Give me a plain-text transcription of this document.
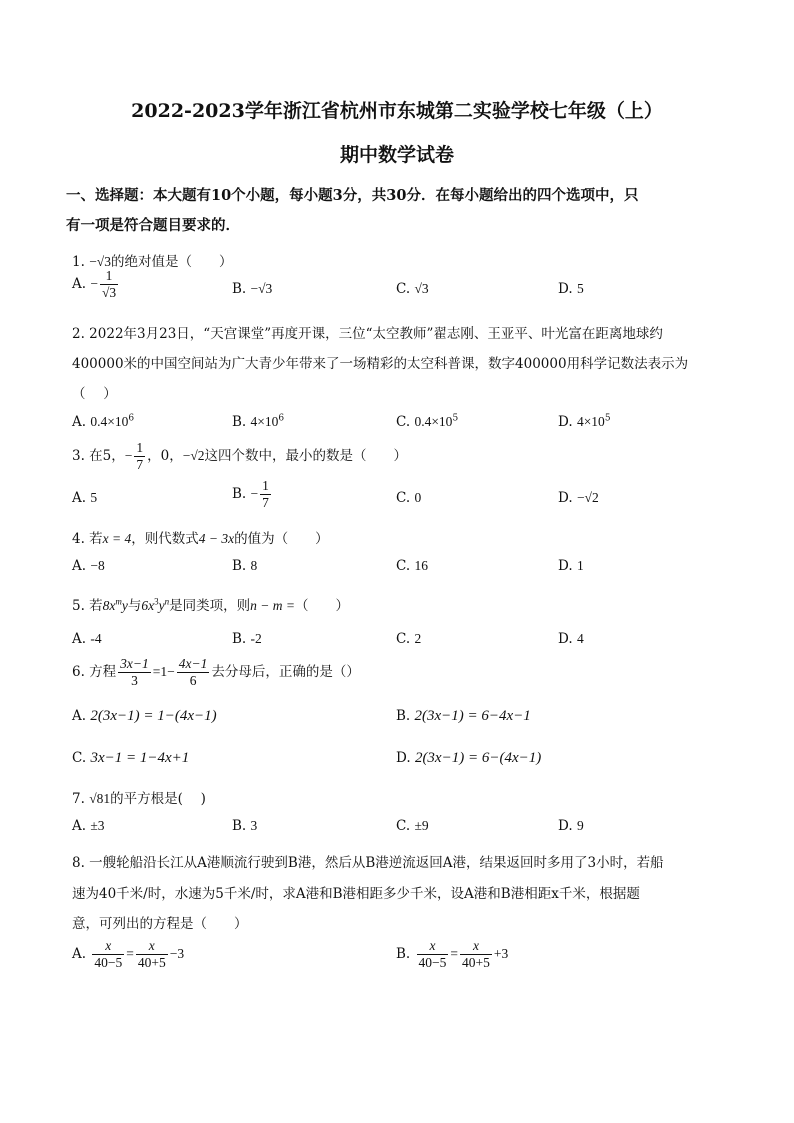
2022-2023学年浙江省杭州市东城第二实验学校七年级（上）
期中数学试卷
一、选择题：本大题有10个小题，每小题3分，共30分．在每小题给出的四个选项中，只
有一项是符合题目要求的．
1. −√3的绝对值是（　　）
A. − $\frac{1}{√3}$	B. −√3	C. √3	D. 5
2. 2022年3月23日，“天宫课堂”再度开课，三位“太空教师”翟志刚、王亚平、叶光富在距离地球约
400000米的中国空间站为广大青少年带来了一场精彩的太空科普课，数字400000用科学记数法表示为
（　 ）
A. $0.4\times 10^6$	B. $4\times 10^6$	C. $0.4\times 10^5$	D. $4\times 10^5$
3. 在5，− $\frac{1}{7}$ ，0，−√2这四个数中，最小的数是（　　）
A. 5	B. − $\frac{1}{7}$	C. 0	D. −√2
4. 若x = 4，则代数式4 − 3x的值为（　　）
A. −8	B. 8	C. 16	D. 1
5. 若$8x^my$与$6x^3y^n$是同类项，则n − m =（　　）
A. -4	B. -2	C. 2	D. 4
6. 方程 $\frac{3x-1}{3} =1- \frac{4x-1}{6}$ 去分母后，正确的是（）
A. 2(3x−1) = 1−(4x−1)	B. 2(3x−1) = 6−4x−1
C. 3x−1 = 1−4x+1	D. 2(3x−1) = 6−(4x−1)
7. √81的平方根是(　 )
A. ±3	B. 3	C. ±9	D. 9
8. 一艘轮船沿长江从A港顺流行驶到B港，然后从B港逆流返回A港，结果返回时多用了3小时，若船
速为40千米/时，水速为5千米/时，求A港和B港相距多少千米，设A港和B港相距x千米，根据题
意，可列出的方程是（　　）
A. $\frac{x}{40-5} = \frac{x}{40+5} -3$	B. $\frac{x}{40-5} = \frac{x}{40+5} +3$
